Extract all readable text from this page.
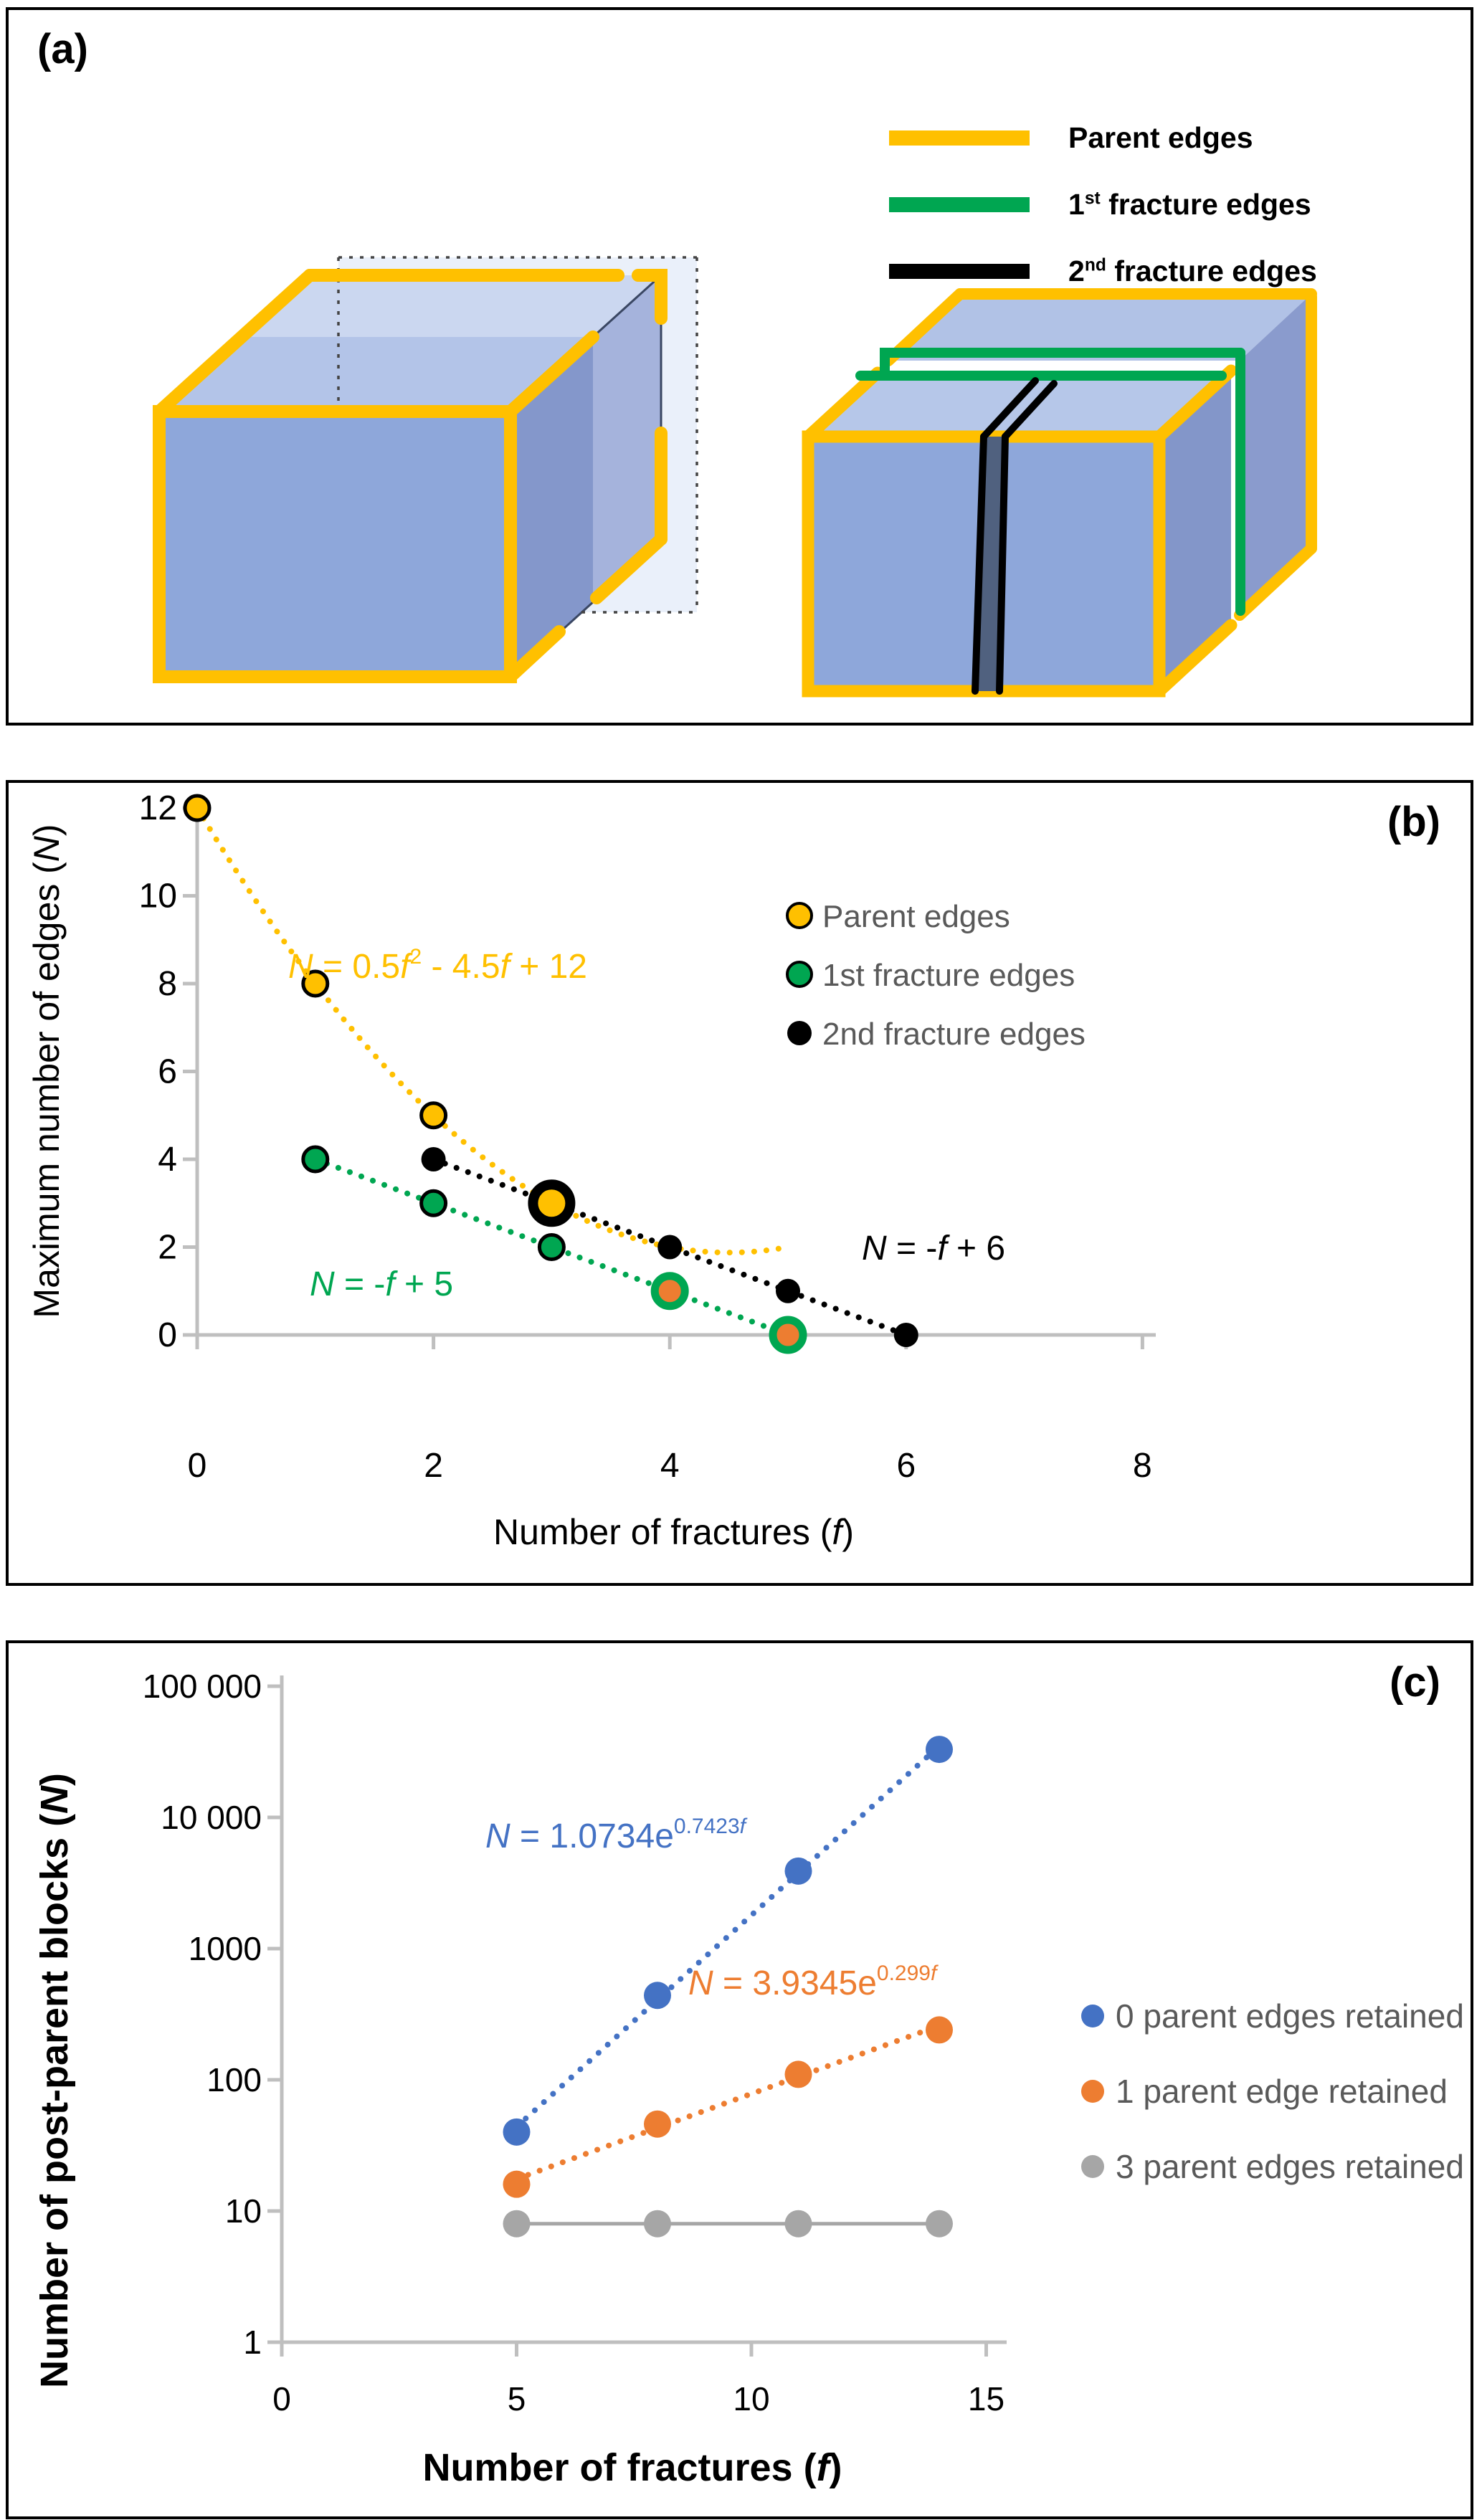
(a)
Parent edges
1st fracture edges
2nd fracture edges
(b)
0	2	4	6	8
0
2
4
6
8
10
12
Number of fractures (f)
Maximum number of edges (N)
$N = 0.5f^2 - 4.5f + 12$
N = -f + 5
N = -f + 6
Parent edges
1st fracture edges
2nd fracture edges
(c)
0	5	10	15
1
10
100
1000
10 000
100 000
Number of fractures (f)
Number of post-parent blocks (N)
$N = 1.0734e^{0.7423}f$
$N = 3.9345e^{0.299}f$
0 parent edges retained
1 parent edge retained
3 parent edges retained
